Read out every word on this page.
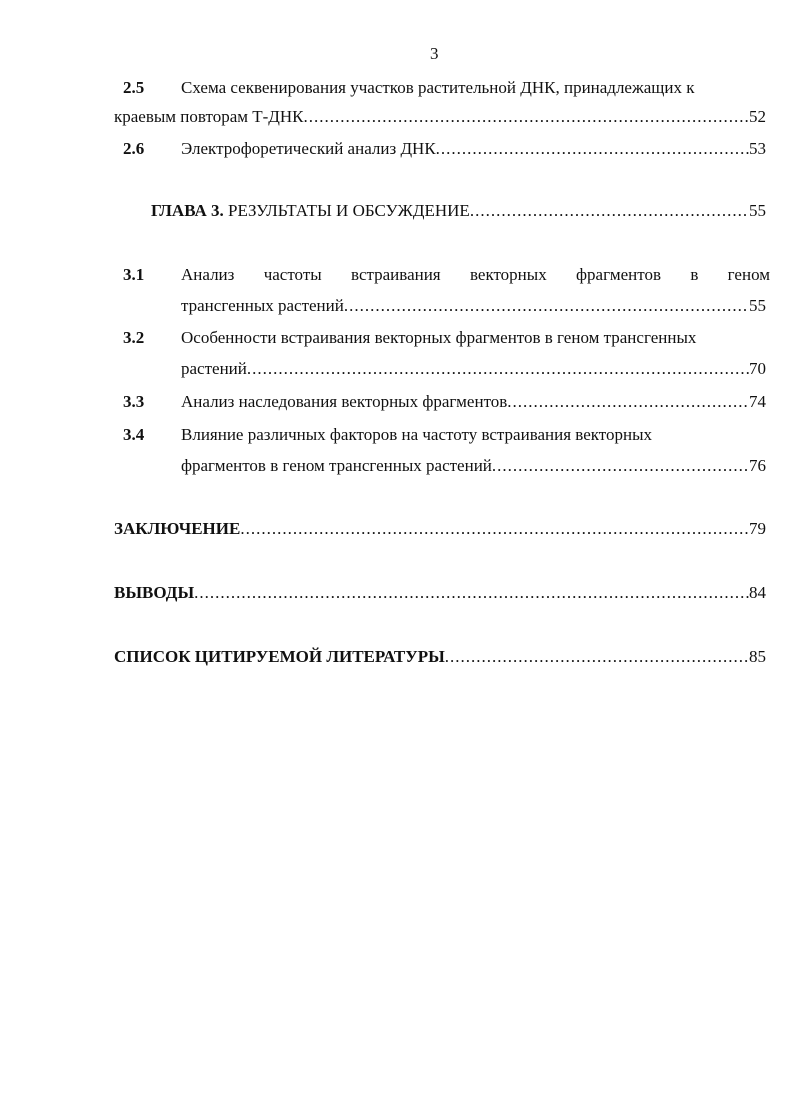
3
2.5 Схема секвенирования участков растительной ДНК, принадлежащих к
краевым повторам Т-ДНК .....	52
2.6 Электрофоретический анализ ДНК .....	53
ГЛАВА 3. РЕЗУЛЬТАТЫ И ОБСУЖДЕНИЕ .....	55
3.1 Анализ частоты встраивания векторных фрагментов в геном
трансгенных растений .....	55
3.2 Особенности встраивания векторных фрагментов в геном трансгенных
растений .....	70
3.3 Анализ наследования векторных фрагментов .....	74
3.4 Влияние различных факторов на частоту встраивания векторных
фрагментов в геном трансгенных растений .....	76
ЗАКЛЮЧЕНИЕ .....	79
ВЫВОДЫ .....	84
СПИСОК ЦИТИРУЕМОЙ ЛИТЕРАТУРЫ .....	85
